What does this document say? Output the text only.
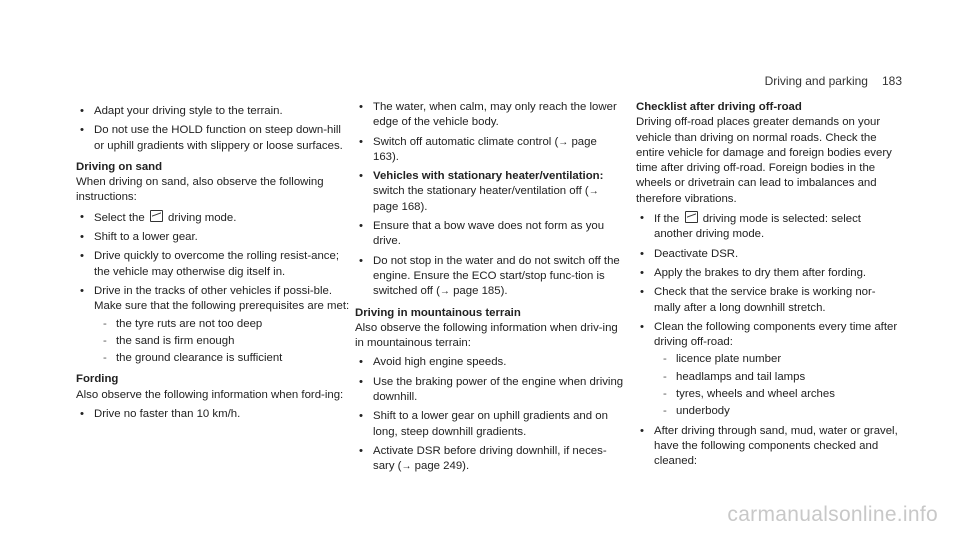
Driving and parking 183
• Adapt your driving style to the terrain.
• Do not use the HOLD function on steep down-hill or uphill gradients with slippery or loose surfaces.

Driving on sand

When driving on sand, also observe the following instructions:

• Select the driving mode.
• Shift to a lower gear.
• Drive quickly to overcome the rolling resist-ance; the vehicle may otherwise dig itself in.
• Drive in the tracks of other vehicles if possi-ble. Make sure that the following prerequisites are met:
- the tyre ruts are not too deep
- the sand is firm enough
- the ground clearance is sufficient

Fording

Also observe the following information when ford-ing:

• Drive no faster than 10 km/h.
• The water, when calm, may only reach the lower edge of the vehicle body.
• Switch off automatic climate control (→ page 163).
• Vehicles with stationary heater/ventilation:
switch the stationary heater/ventilation off (→ page 168).
• Ensure that a bow wave does not form as you drive.
• Do not stop in the water and do not switch off the engine. Ensure the ECO start/stop func-tion is switched off (→ page 185).

Driving in mountainous terrain

Also observe the following information when driv-ing in mountainous terrain:

• Avoid high engine speeds.
• Use the braking power of the engine when driving downhill.
• Shift to a lower gear on uphill gradients and on long, steep downhill gradients.
• Activate DSR before driving downhill, if neces-sary (→ page 249).

Checklist after driving off-road

Driving off-road places greater demands on your vehicle than driving on normal roads. Check the entire vehicle for damage and foreign bodies every time after driving off-road. Foreign bodies in the wheels or drivetrain can lead to imbalances and therefore vibrations.

• If the driving mode is selected: select another driving mode.
• Deactivate DSR.
• Apply the brakes to dry them after fording.
• Check that the service brake is working nor-mally after a long downhill stretch.
• Clean the following components every time after driving off-road:
- licence plate number
- headlamps and tail lamps
- tyres, wheels and wheel arches
- underbody
• After driving through sand, mud, water or gravel, have the following components checked and cleaned:
carmanualsonline.info
